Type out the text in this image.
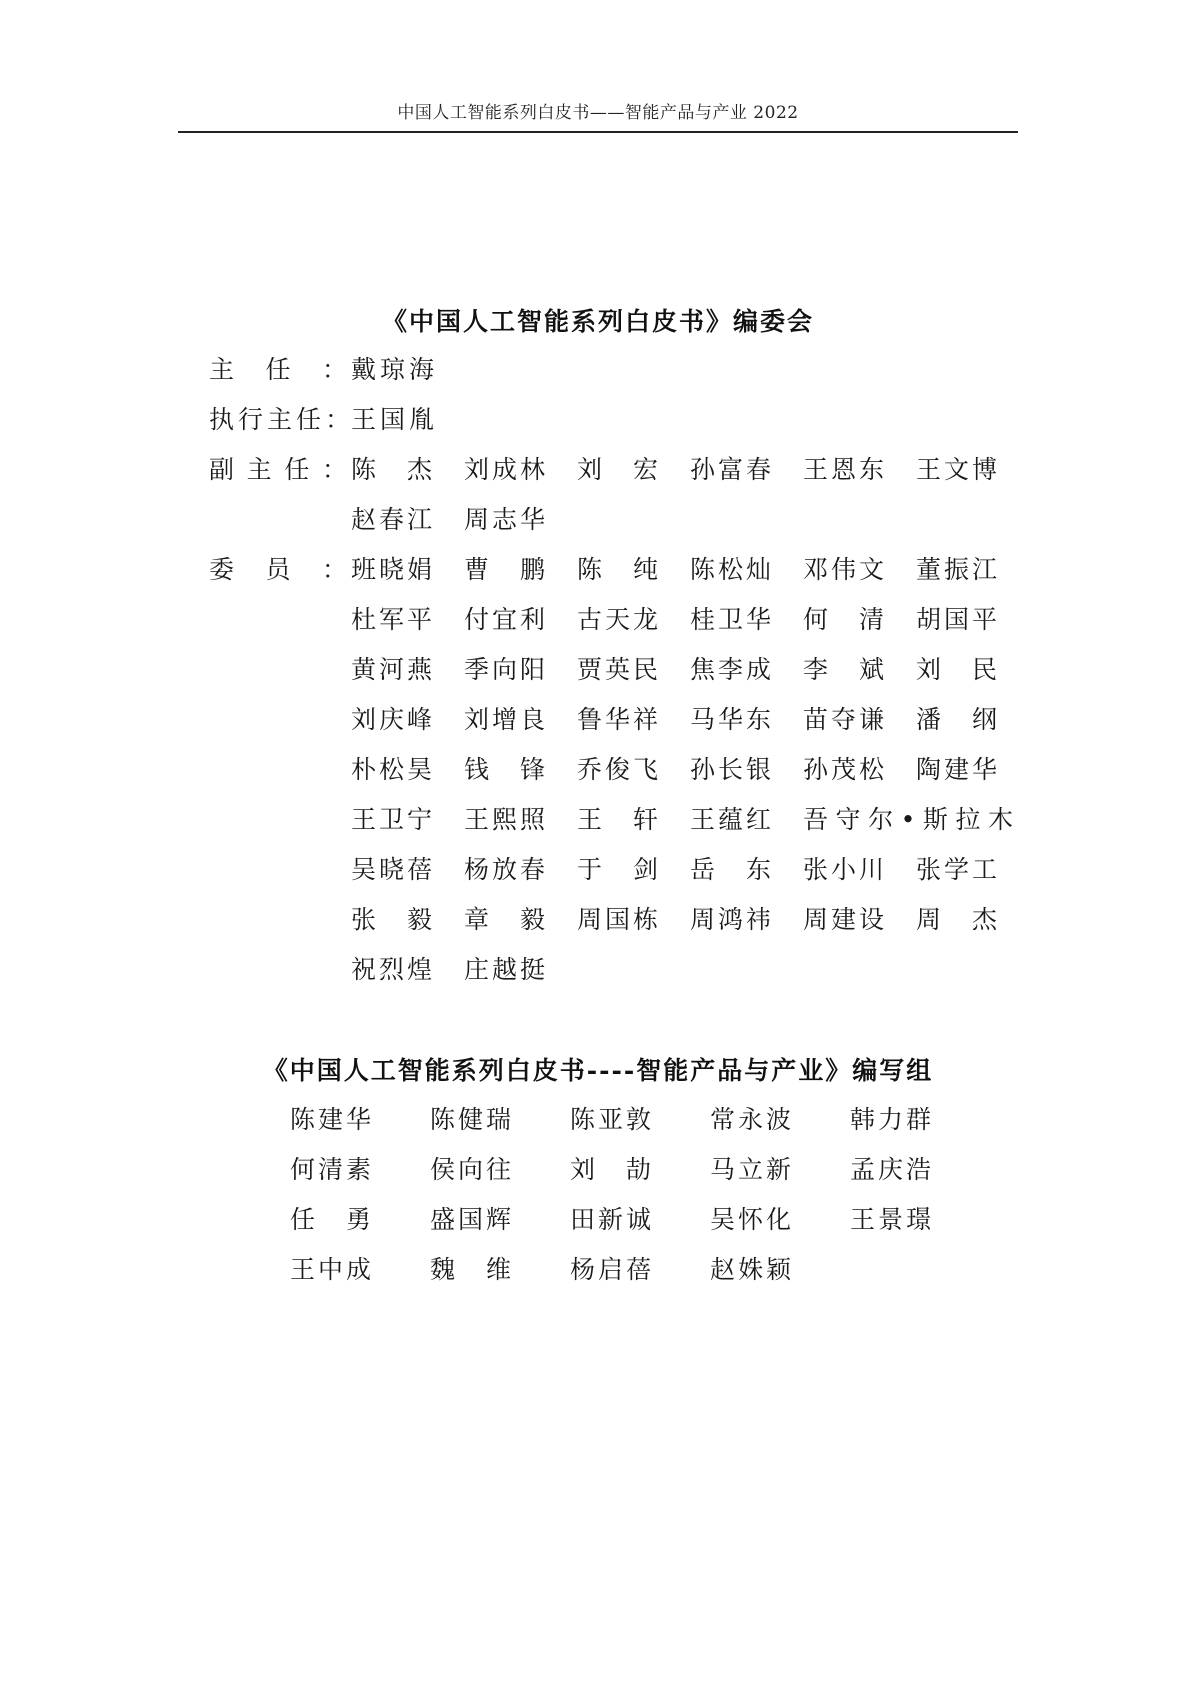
中国人工智能系列白皮书——智能产品与产业 2022
《中国人工智能系列白皮书》编委会
主 任 ： 戴琼海
执 行 主 任 ：
王国胤
副 主 任 ： 陈杰	刘成林	刘宏	孙富春	王恩东	王文博
赵春江	周志华
委 员 ： 班晓娟	曹鹏	陈纯	陈松灿	邓伟文	董振江
杜军平	付宜利	古天龙	桂卫华	何清	胡国平
黄河燕	季向阳	贾英民	焦李成	李斌	刘民
刘庆峰	刘增良	鲁华祥	马华东	苗夺谦	潘纲
朴松昊	钱锋	乔俊飞	孙长银	孙茂松	陶建华
王卫宁	王熙照	王轩	王蕴红	吾守尔•斯拉木
吴晓蓓	杨放春	于剑	岳东	张小川	张学工
张毅	章毅	周国栋	周鸿祎	周建设	周杰
祝烈煌	庄越挺
《中国人工智能系列白皮书----智能产品与产业》编写组
陈建华	陈健瑞	陈亚敦	常永波	韩力群
何清素	侯向往	刘劼	马立新	孟庆浩
任勇	盛国辉	田新诚	吴怀化	王景璟
王中成	魏维	杨启蓓	赵姝颖
